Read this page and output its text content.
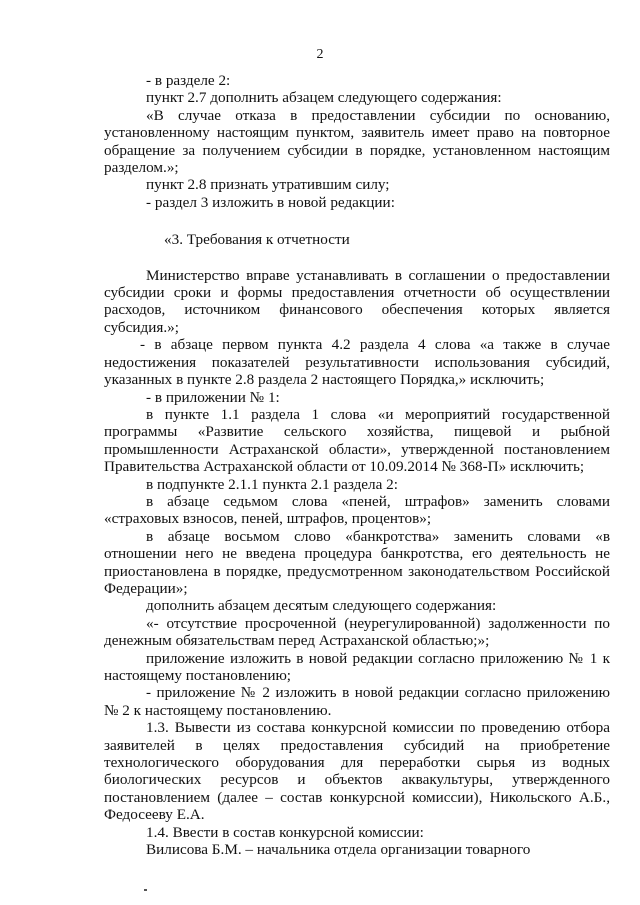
2

- в разделе 2:

пункт 2.7 дополнить абзацем следующего содержания:

«В случае отказа в предоставлении субсидии по основанию, установленному настоящим пунктом, заявитель имеет право на повторное обращение за получением субсидии в порядке, установленном настоящим разделом.»;

пункт 2.8 признать утратившим силу;

- раздел 3 изложить в новой редакции:

«3. Требования к отчетности

Министерство вправе устанавливать в соглашении о предоставлении субсидии сроки и формы предоставления отчетности об осуществлении расходов, источником финансового обеспечения которых является субсидия.»;

- в абзаце первом пункта 4.2 раздела 4 слова «а также в случае недостижения показателей результативности использования субсидий, указанных в пункте 2.8 раздела 2 настоящего Порядка,» исключить;

- в приложении № 1:

в пункте 1.1 раздела 1 слова «и мероприятий государственной программы «Развитие сельского хозяйства, пищевой и рыбной промышленности Астраханской области», утвержденной постановлением Правительства Астраханской области от 10.09.2014 № 368-П» исключить;

в подпункте 2.1.1 пункта 2.1 раздела 2:

в абзаце седьмом слова «пеней, штрафов» заменить словами «страховых взносов, пеней, штрафов, процентов»;

в абзаце восьмом слово «банкротства» заменить словами «в отношении него не введена процедура банкротства, его деятельность не приостановлена в порядке, предусмотренном законодательством Российской Федерации»;

дополнить абзацем десятым следующего содержания:

«- отсутствие просроченной (неурегулированной) задолженности по денежным обязательствам перед Астраханской областью;»;

приложение изложить в новой редакции согласно приложению № 1 к настоящему постановлению;

- приложение № 2 изложить в новой редакции согласно приложению № 2 к настоящему постановлению.

1.3. Вывести из состава конкурсной комиссии по проведению отбора заявителей в целях предоставления субсидий на приобретение технологического оборудования для переработки сырья из водных биологических ресурсов и объектов аквакультуры, утвержденного постановлением (далее – состав конкурсной комиссии), Никольского А.Б., Федосееву Е.А.

1.4. Ввести в состав конкурсной комиссии:

Вилисова Б.М. – начальника отдела организации товарного
